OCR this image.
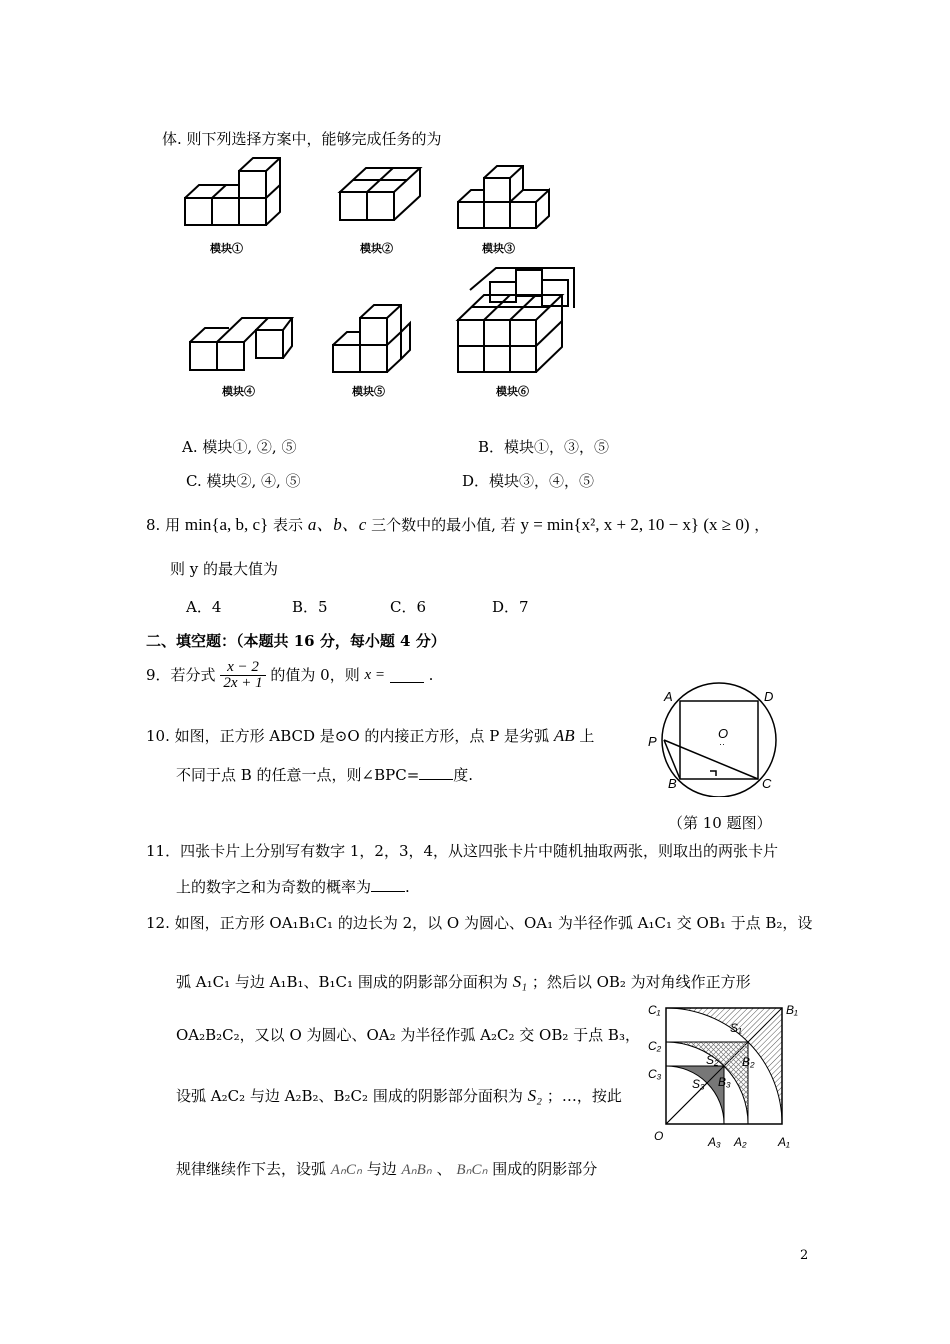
体. 则下列选择方案中，能够完成任务的为
模块①	模块②	模块③
模块④	模块⑤	模块⑥
A. 模块①, ②, ⑤	B．模块①，③，⑤
C. 模块②, ④, ⑤	D．模块③，④，⑤
8. 用 min{a, b, c} 表示 a、b、c 三个数中的最小值, 若 y = min{x², x + 2, 10 − x} (x ≥ 0) ，
则 y 的最大值为
A．4	B．5	C．6	D．7
二、填空题：（本题共 16 分，每小题 4 分）
9．若分式 $\frac{x - 2}{2x + 1}$ 的值为 0，则 x =	.
10. 如图，正方形 ABCD 是⊙O 的内接正方形，点 P 是劣弧 AB 上
不同于点 B 的任意一点，则∠BPC= 度.
··
A	D
P
O
B	C
（第 10 题图）
11．四张卡片上分别写有数字 1，2，3，4，从这四张卡片中随机抽取两张，则取出的两张卡片
上的数字之和为奇数的概率为 .
12. 如图，正方形 OA₁B₁C₁ 的边长为 2，以 O 为圆心、OA₁ 为半径作弧 A₁C₁ 交 OB₁ 于点 B₂，设
弧 A₁C₁ 与边 A₁B₁、B₁C₁ 围成的阴影部分面积为 S₁ ；然后以 OB₂ 为对角线作正方形
OA₂B₂C₂，又以 O 为圆心、OA₂ 为半径作弧 A₂C₂ 交 OB₂ 于点 B₃，
设弧 A₂C₂ 与边 A₂B₂、B₂C₂ 围成的阴影部分面积为 S₂ ；…，按此
规律继续作下去，设弧 AₙCₙ 与边 AₙBₙ 、 BₙCₙ 围成的阴影部分
C₁	B₁
C₂
B₂
C₃
B₃
S₁
S₂
S₃
O	A₃ A₂	A₁
2
